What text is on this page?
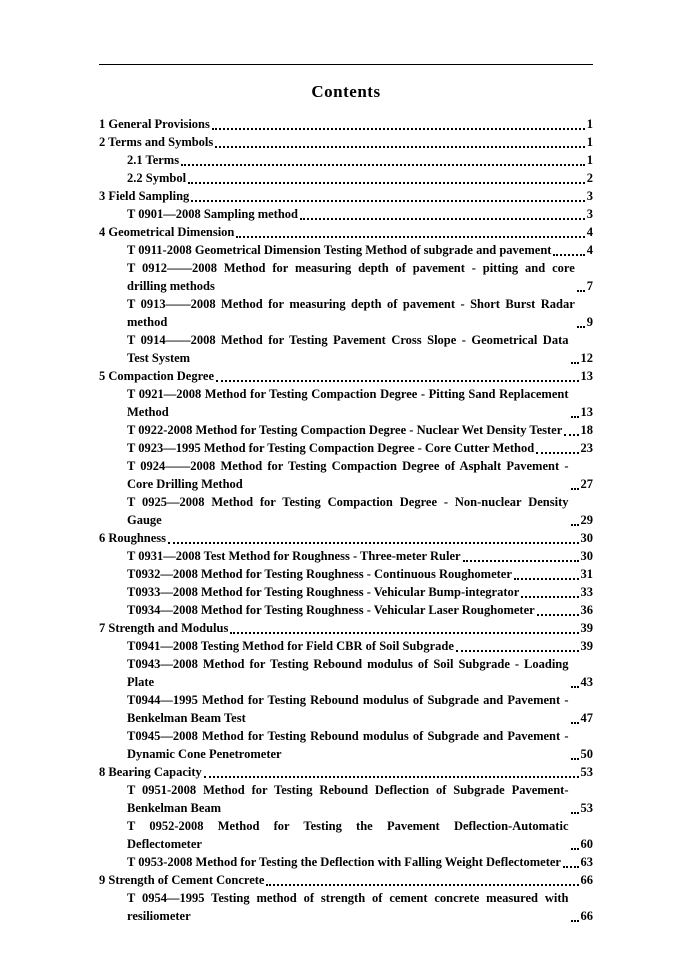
Contents
1 General Provisions	1
2 Terms and Symbols	1
2.1 Terms	1
2.2 Symbol	2
3 Field Sampling	3
T 0901—2008 Sampling method	3
4 Geometrical Dimension	4
T 0911-2008 Geometrical Dimension Testing Method of subgrade and pavement	4
T 0912——2008 Method for measuring depth of pavement - pitting and core drilling methods	7
T 0913——2008 Method for measuring depth of pavement - Short Burst Radar method	9
T 0914——2008 Method for Testing Pavement Cross Slope - Geometrical Data Test System	12
5 Compaction Degree	13
T 0921—2008 Method for Testing Compaction Degree - Pitting Sand Replacement Method	13
T 0922-2008 Method for Testing Compaction Degree - Nuclear Wet Density Tester 18
T 0923—1995 Method for Testing Compaction Degree - Core Cutter Method	23
T 0924——2008 Method for Testing Compaction Degree of Asphalt Pavement - Core Drilling Method	27
T 0925—2008 Method for Testing Compaction Degree - Non-nuclear Density Gauge	29
6 Roughness	30
T 0931—2008 Test Method for Roughness - Three-meter Ruler	30
T0932—2008 Method for Testing Roughness - Continuous Roughometer	31
T0933—2008 Method for Testing Roughness - Vehicular Bump-integrator	33
T0934—2008 Method for Testing Roughness - Vehicular Laser Roughometer	36
7 Strength and Modulus	39
T0941—2008 Testing Method for Field CBR of Soil Subgrade	39
T0943—2008 Method for Testing Rebound modulus of Soil Subgrade - Loading Plate	43
T0944—1995 Method for Testing Rebound modulus of Subgrade and Pavement - Benkelman Beam Test	47
T0945—2008 Method for Testing Rebound modulus of Subgrade and Pavement - Dynamic Cone Penetrometer	50
8 Bearing Capacity	53
T 0951-2008 Method for Testing Rebound Deflection of Subgrade Pavement-Benkelman Beam	53
T 0952-2008 Method for Testing the Pavement Deflection-Automatic Deflectometer	60
T 0953-2008 Method for Testing the Deflection with Falling Weight Deflectometer 63
9 Strength of Cement Concrete	66
T 0954—1995 Testing method of strength of cement concrete measured with resiliometer	66
